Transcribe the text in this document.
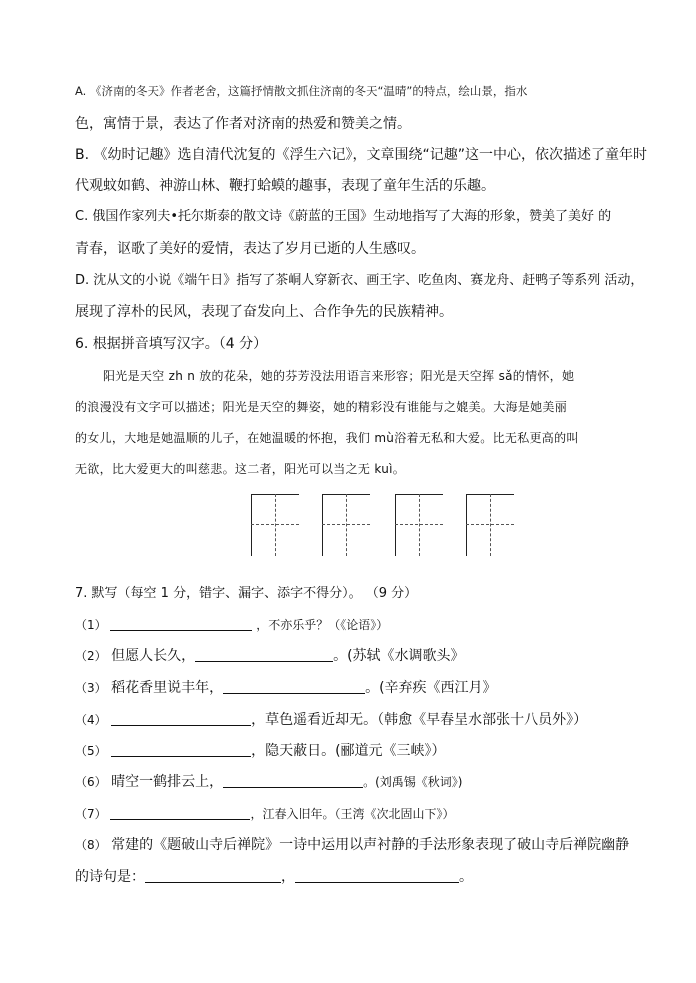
A. 《济南的冬天》作者老舍，这篇抒情散文抓住济南的冬天“温晴”的特点，绘山景，指水
色，寓情于景，表达了作者对济南的热爱和赞美之情。
B. 《幼时记趣》选自清代沈复的《浮生六记》，文章围绕“记趣”这一中心，依次描述了童年时
代观蚊如鹤、神游山林、鞭打蛤蟆的趣事，表现了童年生活的乐趣。
C. 俄国作家列夫•托尔斯泰的散文诗《蔚蓝的王国》生动地指写了大海的形象，赞美了美好 的
青春，讴歌了美好的爱情，表达了岁月已逝的人生感叹。
D. 沈从文的小说《端午日》指写了茶峒人穿新衣、画王字、吃鱼肉、赛龙舟、赶鸭子等系列 活动，
展现了淳朴的民风，表现了奋发向上、合作争先的民族精神。
6. 根据拼音填写汉字。（4 分）
阳光是天空 zh n 放的花朵，她的芬芳没法用语言来形容；阳光是天空挥 sǎ的情怀，她
的浪漫没有文字可以描述；阳光是天空的舞姿，她的精彩没有谁能与之媲美。大海是她美丽
的女儿，大地是她温顺的儿子，在她温暖的怀抱，我们 mù浴着无私和大爱。比无私更高的叫
无欲，比大爱更大的叫慈悲。这二者，阳光可以当之无 kuì。
7. 默写（每空 1 分，错字、漏字、添字不得分）。 （9 分）
（1）	，不亦乐乎？（《论语》）
（2） 但愿人长久，	。(苏轼《水调歌头》
（3） 稻花香里说丰年，	。(辛弃疾《西江月》
（4）	，草色遥看近却无。（韩愈《早春呈水部张十八员外》）
（5）	，隐天蔽日。(郦道元《三峡》）
（6） 晴空一鹤排云上，	。(刘禹锡《秋词》)
（7）	，江春入旧年。（王湾《次北固山下》）
（8） 常建的《题破山寺后禅院》一诗中运用以声衬静的手法形象表现了破山寺后禅院幽静
的诗句是：	，	。
